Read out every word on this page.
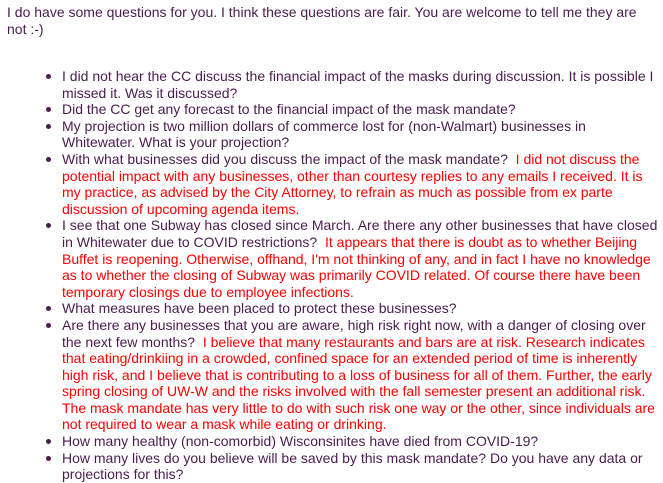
I do have some questions for you. I think these questions are fair. You are welcome to tell me they are not :-)

I did not hear the CC discuss the financial impact of the masks during discussion. It is possible I missed it. Was it discussed?
Did the CC get any forecast to the financial impact of the mask mandate?
My projection is two million dollars of commerce lost for (non-Walmart) businesses in Whitewater. What is your projection?
With what businesses did you discuss the impact of the mask mandate?  I did not discuss the potential impact with any businesses, other than courtesy replies to any emails I received. It is my practice, as advised by the City Attorney, to refrain as much as possible from ex parte discussion of upcoming agenda items.
I see that one Subway has closed since March. Are there any other businesses that have closed in Whitewater due to COVID restrictions?  It appears that there is doubt as to whether Beijing Buffet is reopening. Otherwise, offhand, I'm not thinking of any, and in fact I have no knowledge as to whether the closing of Subway was primarily COVID related. Of course there have been temporary closings due to employee infections.
What measures have been placed to protect these businesses?
Are there any businesses that you are aware, high risk right now, with a danger of closing over the next few months?  I believe that many restaurants and bars are at risk. Research indicates that eating/drinkiing in a crowded, confined space for an extended period of time is inherently high risk, and I believe that is contributing to a loss of business for all of them. Further, the early spring closing of UW-W and the risks involved with the fall semester present an additional risk. The mask mandate has very little to do with such risk one way or the other, since individuals are not required to wear a mask while eating or drinking.
How many healthy (non-comorbid) Wisconsinites have died from COVID-19?
How many lives do you believe will be saved by this mask mandate? Do you have any data or projections for this?
